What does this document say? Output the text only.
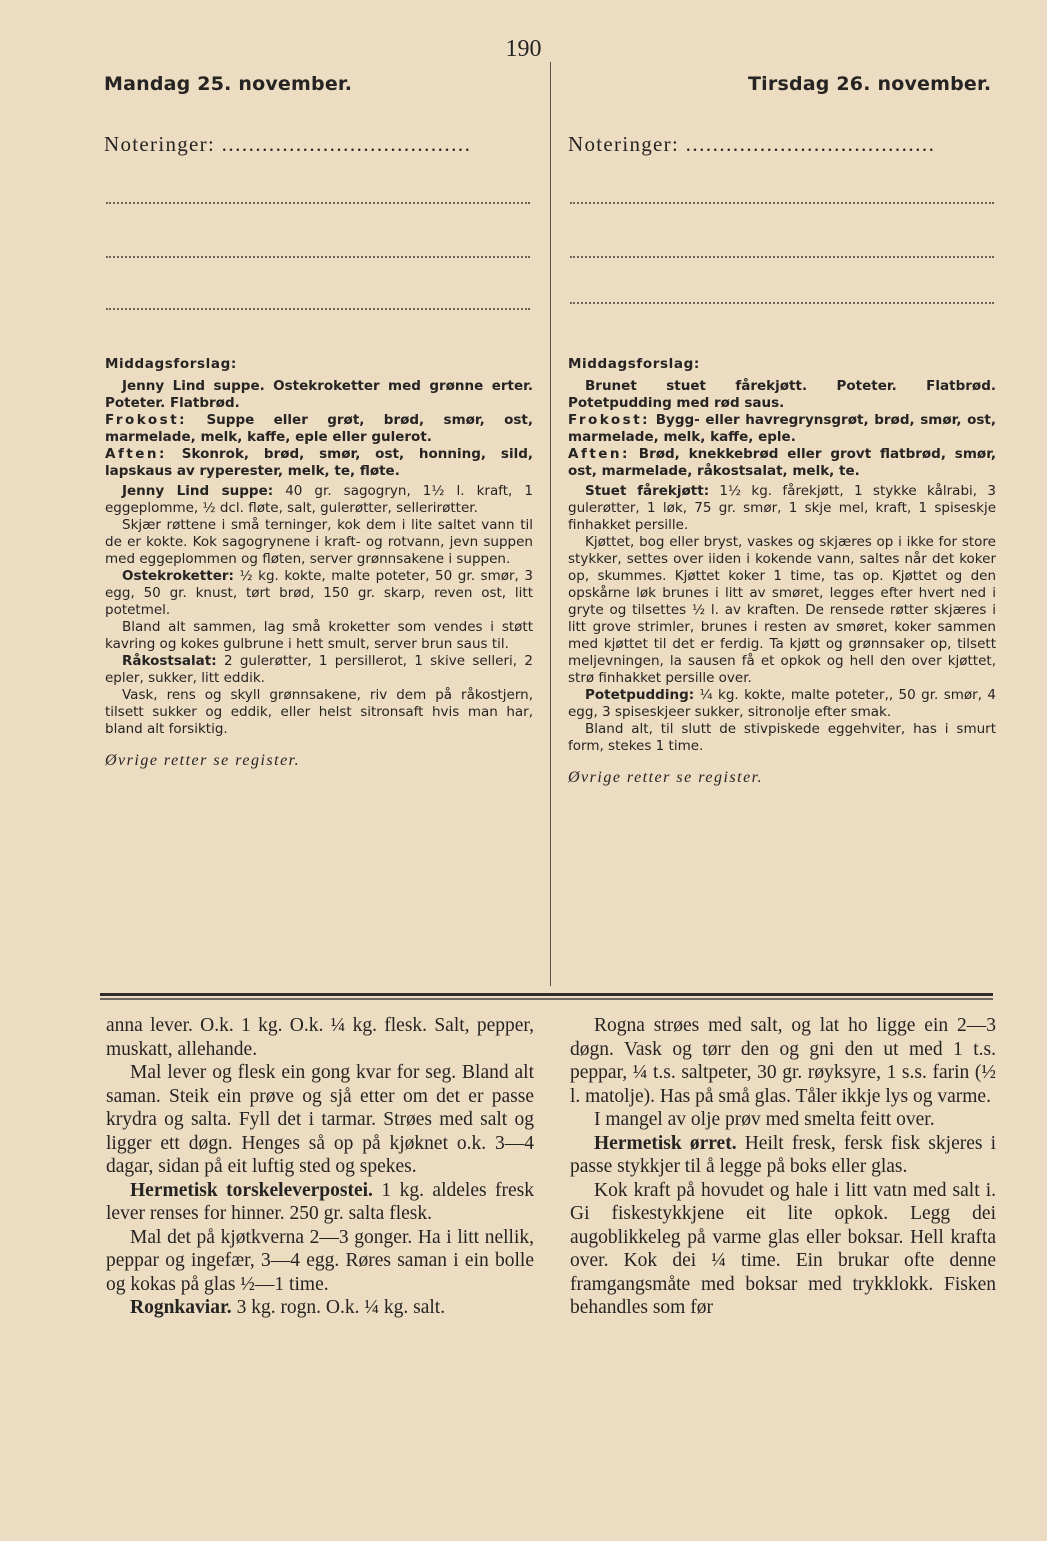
190
Mandag 25. november.	Tirsdag 26. november.
Noteringer: .....................................	Noteringer: .....................................
Middagsforslag:

Jenny Lind suppe. Ostekroketter med grønne erter. Poteter. Flatbrød.

Frokost: Suppe eller grøt, brød, smør, ost, marmelade, melk, kaffe, eple eller gulerot.

Aften: Skonrok, brød, smør, ost, honning, sild, lapskaus av ryperester, melk, te, fløte.

Jenny Lind suppe: 40 gr. sagogryn, 1½ l. kraft, 1 eggeplomme, ½ dcl. fløte, salt, gulerøtter, sellerirøtter.

Skjær røttene i små terninger, kok dem i lite saltet vann til de er kokte. Kok sagogrynene i kraft- og rotvann, jevn suppen med eggeplommen og fløten, server grønnsakene i suppen.

Ostekroketter: ½ kg. kokte, malte poteter, 50 gr. smør, 3 egg, 50 gr. knust, tørt brød, 150 gr. skarp, reven ost, litt potetmel.

Bland alt sammen, lag små kroketter som vendes i støtt kavring og kokes gulbrune i hett smult, server brun saus til.

Råkostsalat: 2 gulerøtter, 1 persillerot, 1 skive selleri, 2 epler, sukker, litt eddik.

Vask, rens og skyll grønnsakene, riv dem på råkostjern, tilsett sukker og eddik, eller helst sitronsaft hvis man har, bland alt forsiktig.

Øvrige retter se register.
Middagsforslag:

Brunet stuet fårekjøtt. Poteter. Flatbrød. Potetpudding med rød saus.

Frokost: Bygg- eller havregrynsgrøt, brød, smør, ost, marmelade, melk, kaffe, eple.

Aften: Brød, knekkebrød eller grovt flatbrød, smør, ost, marmelade, råkostsalat, melk, te.

Stuet fårekjøtt: 1½ kg. fårekjøtt, 1 stykke kålrabi, 3 gulerøtter, 1 løk, 75 gr. smør, 1 skje mel, kraft, 1 spiseskje finhakket persille.

Kjøttet, bog eller bryst, vaskes og skjæres op i ikke for store stykker, settes over iiden i kokende vann, saltes når det koker op, skummes. Kjøttet koker 1 time, tas op. Kjøttet og den opskårne løk brunes i litt av smøret, legges efter hvert ned i gryte og tilsettes ½ l. av kraften. De rensede røtter skjæres i litt grove strimler, brunes i resten av smøret, koker sammen med kjøttet til det er ferdig. Ta kjøtt og grønnsaker op, tilsett meljevningen, la sausen få et opkok og hell den over kjøttet, strø finhakket persille over.

Potetpudding: ¼ kg. kokte, malte poteter,, 50 gr. smør, 4 egg, 3 spiseskjeer sukker, sitronolje efter smak.

Bland alt, til slutt de stivpiskede eggehviter, has i smurt form, stekes 1 time.

Øvrige retter se register.

anna lever. O.k. 1 kg. O.k. ¼ kg. flesk. Salt, pepper, muskatt, allehande.

Mal lever og flesk ein gong kvar for seg. Bland alt saman. Steik ein prøve og sjå etter om det er passe krydra og salta. Fyll det i tarmar. Strøes med salt og ligger ett døgn. Henges så op på kjøknet o.k. 3—4 dagar, sidan på eit luftig sted og spekes.

Hermetisk torskeleverpostei. 1 kg. aldeles fresk lever renses for hinner. 250 gr. salta flesk.

Mal det på kjøtkverna 2—3 gonger. Ha i litt nellik, peppar og ingefær, 3—4 egg. Røres saman i ein bolle og kokas på glas ½—1 time.

Rognkaviar. 3 kg. rogn. O.k. ¼ kg. salt.

Rogna strøes med salt, og lat ho ligge ein 2—3 døgn. Vask og tørr den og gni den ut med 1 t.s. peppar, ¼ t.s. saltpeter, 30 gr. røyksyre, 1 s.s. farin (½ l. matolje). Has på små glas. Tåler ikkje lys og varme.

I mangel av olje prøv med smelta feitt over.

Hermetisk ørret. Heilt fresk, fersk fisk skjeres i passe stykkjer til å legge på boks eller glas.

Kok kraft på hovudet og hale i litt vatn med salt i. Gi fiskestykkjene eit lite opkok. Legg dei augoblikkeleg på varme glas eller boksar. Hell krafta over. Kok dei ¼ time. Ein brukar ofte denne framgangsmåte med boksar med trykklokk. Fisken behandles som før
